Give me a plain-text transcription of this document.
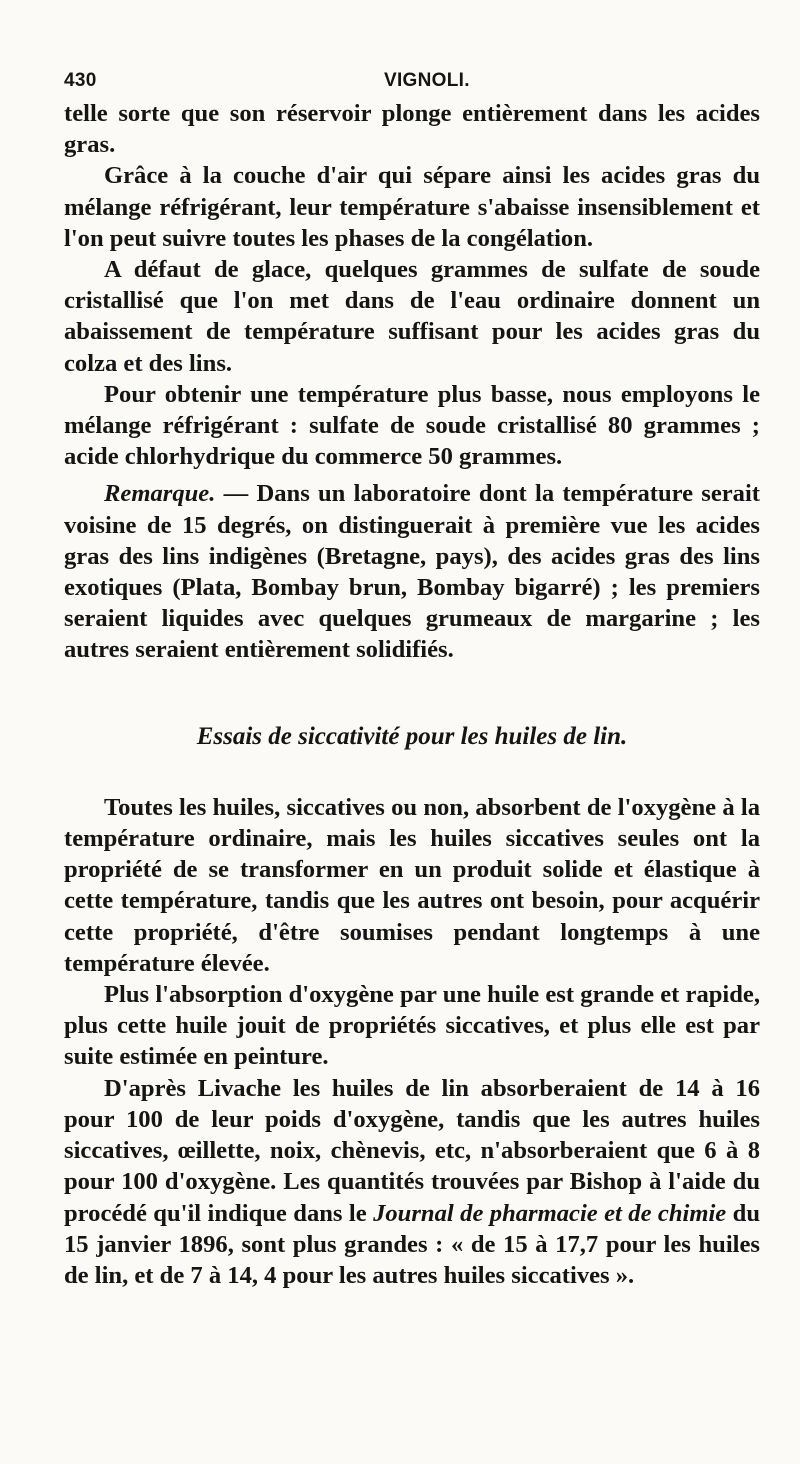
430	VIGNOLI.

telle sorte que son réservoir plonge entièrement dans les acides gras.

Grâce à la couche d'air qui sépare ainsi les acides gras du mélange réfrigérant, leur température s'abaisse insensiblement et l'on peut suivre toutes les phases de la congélation.

A défaut de glace, quelques grammes de sulfate de soude cristallisé que l'on met dans de l'eau ordinaire donnent un abaissement de température suffisant pour les acides gras du colza et des lins.

Pour obtenir une température plus basse, nous employons le mélange réfrigérant : sulfate de soude cristallisé 80 grammes ; acide chlorhydrique du commerce 50 grammes.

Remarque. — Dans un laboratoire dont la température serait voisine de 15 degrés, on distinguerait à première vue les acides gras des lins indigènes (Bretagne, pays), des acides gras des lins exotiques (Plata, Bombay brun, Bombay bigarré) ; les premiers seraient liquides avec quelques grumeaux de margarine ; les autres seraient entièrement solidifiés.

Essais de siccativité pour les huiles de lin.

Toutes les huiles, siccatives ou non, absorbent de l'oxygène à la température ordinaire, mais les huiles siccatives seules ont la propriété de se transformer en un produit solide et élastique à cette température, tandis que les autres ont besoin, pour acquérir cette propriété, d'être soumises pendant longtemps à une température élevée.

Plus l'absorption d'oxygène par une huile est grande et rapide, plus cette huile jouit de propriétés siccatives, et plus elle est par suite estimée en peinture.

D'après Livache les huiles de lin absorberaient de 14 à 16 pour 100 de leur poids d'oxygène, tandis que les autres huiles siccatives, œillette, noix, chènevis, etc, n'absorberaient que 6 à 8 pour 100 d'oxygène. Les quantités trouvées par Bishop à l'aide du procédé qu'il indique dans le Journal de pharmacie et de chimie du 15 janvier 1896, sont plus grandes : « de 15 à 17,7 pour les huiles de lin, et de 7 à 14, 4 pour les autres huiles siccatives ».
